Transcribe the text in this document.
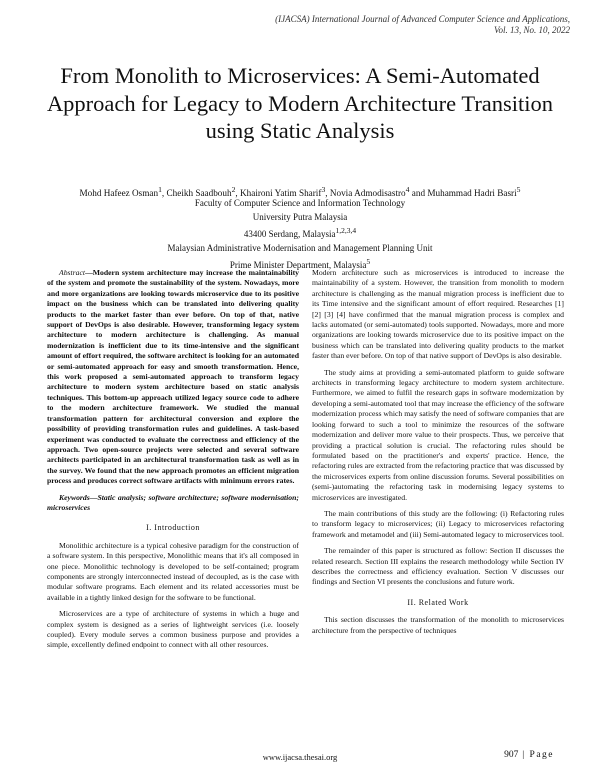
(IJACSA) International Journal of Advanced Computer Science and Applications,
Vol. 13, No. 10, 2022
From Monolith to Microservices: A Semi-Automated Approach for Legacy to Modern Architecture Transition using Static Analysis
Mohd Hafeez Osman$^1$, Cheikh Saadbouh$^2$, Khaironi Yatim Sharif$^3$, Novia Admodisastro$^4$ and Muhammad Hadri Basri$^5$
Faculty of Computer Science and Information Technology
University Putra Malaysia
43400 Serdang, Malaysia$^{1,2,3,4}$
Malaysian Administrative Modernisation and Management Planning Unit
Prime Minister Department, Malaysia$^5$

Abstract—Modern system architecture may increase the maintainability of the system and promote the sustainability of the system. Nowadays, more and more organizations are looking towards microservice due to its positive impact on the business which can be translated into delivering quality products to the market faster than ever before. On top of that, native support of DevOps is also desirable. However, transforming legacy system architecture to modern architecture is challenging. As manual modernization is inefficient due to its time-intensive and the significant amount of effort required, the software architect is looking for an automated or semi-automated approach for easy and smooth transformation. Hence, this work proposed a semi-automated approach to transform legacy architecture to modern system architecture based on static analysis techniques. This bottom-up approach utilized legacy source code to adhere to the modern architecture framework. We studied the manual transformation pattern for architectural conversion and explore the possibility of providing transformation rules and guidelines. A task-based experiment was conducted to evaluate the correctness and efficiency of the approach. Two open-source projects were selected and several software architects participated in an architectural transformation task as well as in the survey. We found that the new approach promotes an efficient migration process and produces correct software artifacts with minimum errors rates.

Keywords—Static analysis; software architecture; software modernisation; microservices

I. Introduction

Monolithic architecture is a typical cohesive paradigm for the construction of a software system. In this perspective, Monolithic means that it's all composed in one piece. Monolithic technology is developed to be self-contained; program components are strongly interconnected instead of decoupled, as is the case with modular software programs. Each element and its related accessories must be available in a tightly linked design for the software to be functional.

Microservices are a type of architecture of systems in which a huge and complex system is designed as a series of lightweight services (i.e. loosely coupled). Every module serves a common business purpose and provides a simple, excellently defined endpoint to connect with all other resources.

Modern architecture such as microservices is introduced to increase the maintainability of a system. However, the transition from monolith to modern architecture is challenging as the manual migration process is inefficient due to its Time intensive and the significant amount of effort required. Researches [1] [2] [3] [4] have confirmed that the manual migration process is complex and lacks automated (or semi-automated) tools supported. Nowadays, more and more organizations are looking towards microservice due to its positive impact on the business which can be translated into delivering quality products to the market faster than ever before. On top of that native support of DevOps is also desirable.

The study aims at providing a semi-automated platform to guide software architects in transforming legacy architecture to modern system architecture. Furthermore, we aimed to fulfil the research gaps in software modernization by developing a semi-automated tool that may increase the efficiency of the software modernization process which may satisfy the need of software companies that are looking forward to such a tool to minimize the resources of the software modernization and deliver more value to their prospects. Thus, we perceive that providing a practical solution is crucial. The refactoring rules should be formulated based on the practitioner's and experts' practice. Hence, the refactoring rules are extracted from the refactoring practice that was discussed by the microservices experts from online discussion forums. Several possibilities on (semi-)automating the refactoring task in modernising legacy systems to microservices are investigated.

The main contributions of this study are the following: (i) Refactoring rules to transform legacy to microservices; (ii) Legacy to microservices refactoring framework and metamodel and (iii) Semi-automated legacy to microservices tool.

The remainder of this paper is structured as follow: Section II discusses the related research. Section III explains the research methodology while Section IV describes the correctness and efficiency evaluation. Section V discusses our findings and Section VI presents the conclusions and future work.

II. Related Work

This section discusses the transformation of the monolith to microservices architecture from the perspective of techniques

www.ijacsa.thesai.org	907 | Page
